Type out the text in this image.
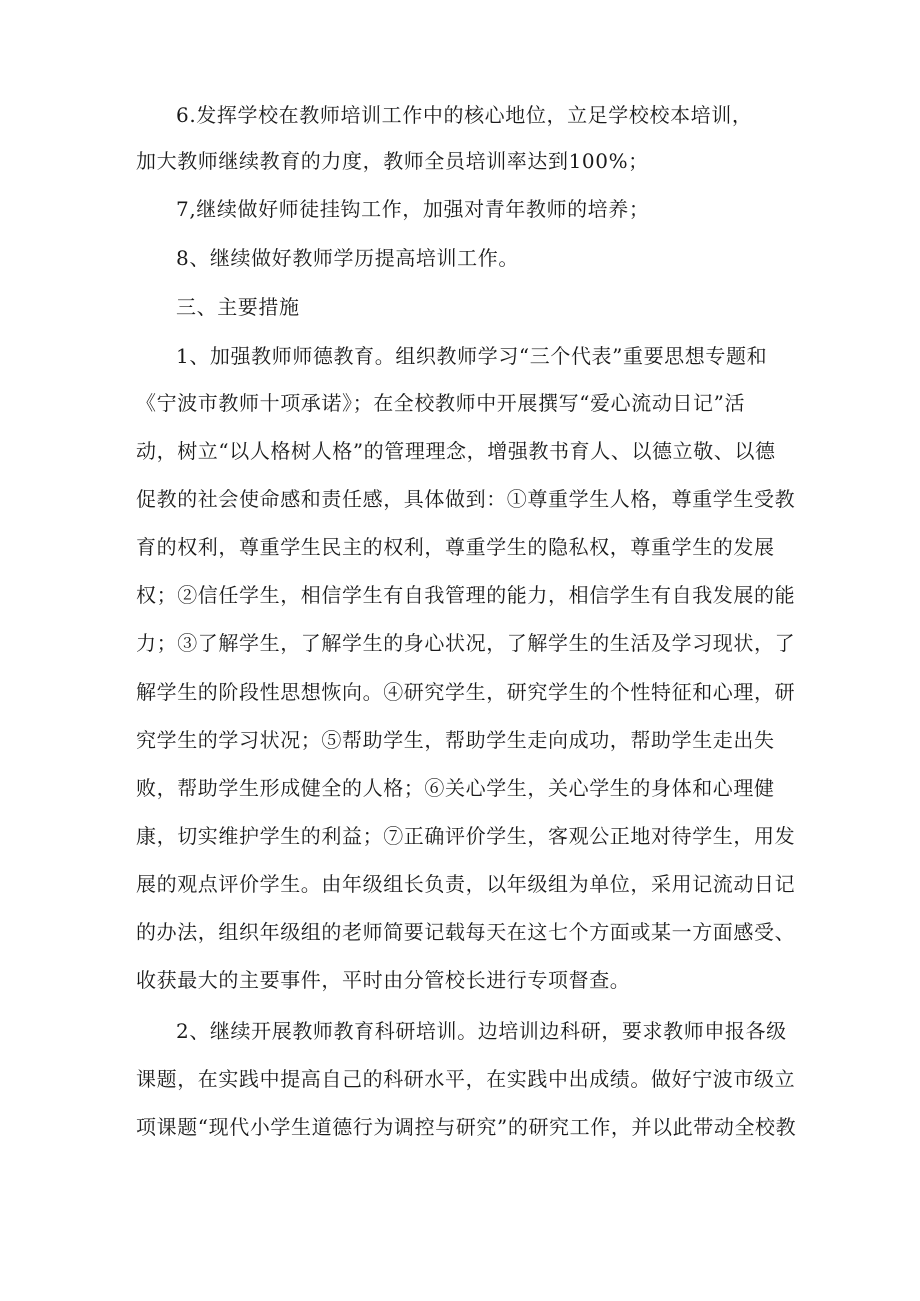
6.发挥学校在教师培训工作中的核心地位，立足学校校本培训，
加大教师继续教育的力度，教师全员培训率达到100%；
7,继续做好师徒挂钩工作，加强对青年教师的培养；
8、继续做好教师学历提高培训工作。
三、主要措施
1、加强教师师德教育。组织教师学习“三个代表”重要思想专题和
《宁波市教师十项承诺》；在全校教师中开展撰写“爱心流动日记”活
动，树立“以人格树人格”的管理理念，增强教书育人、以德立敬、以德
促教的社会使命感和责任感，具体做到：①尊重学生人格，尊重学生受教
育的权利，尊重学生民主的权利，尊重学生的隐私权，尊重学生的发展
权；②信任学生，相信学生有自我管理的能力，相信学生有自我发展的能
力；③了解学生，了解学生的身心状况，了解学生的生活及学习现状，了
解学生的阶段性思想恢向。④研究学生，研究学生的个性特征和心理，研
究学生的学习状况；⑤帮助学生，帮助学生走向成功，帮助学生走出失
败，帮助学生形成健全的人格；⑥关心学生，关心学生的身体和心理健
康，切实维护学生的利益；⑦正确评价学生，客观公正地对待学生，用发
展的观点评价学生。由年级组长负责，以年级组为单位，采用记流动日记
的办法，组织年级组的老师简要记载每天在这七个方面或某一方面感受、
收获最大的主要事件，平时由分管校长进行专项督查。
2、继续开展教师教育科研培训。边培训边科研，要求教师申报各级
课题，在实践中提高自己的科研水平，在实践中出成绩。做好宁波市级立
项课题“现代小学生道德行为调控与研究”的研究工作，并以此带动全校教
